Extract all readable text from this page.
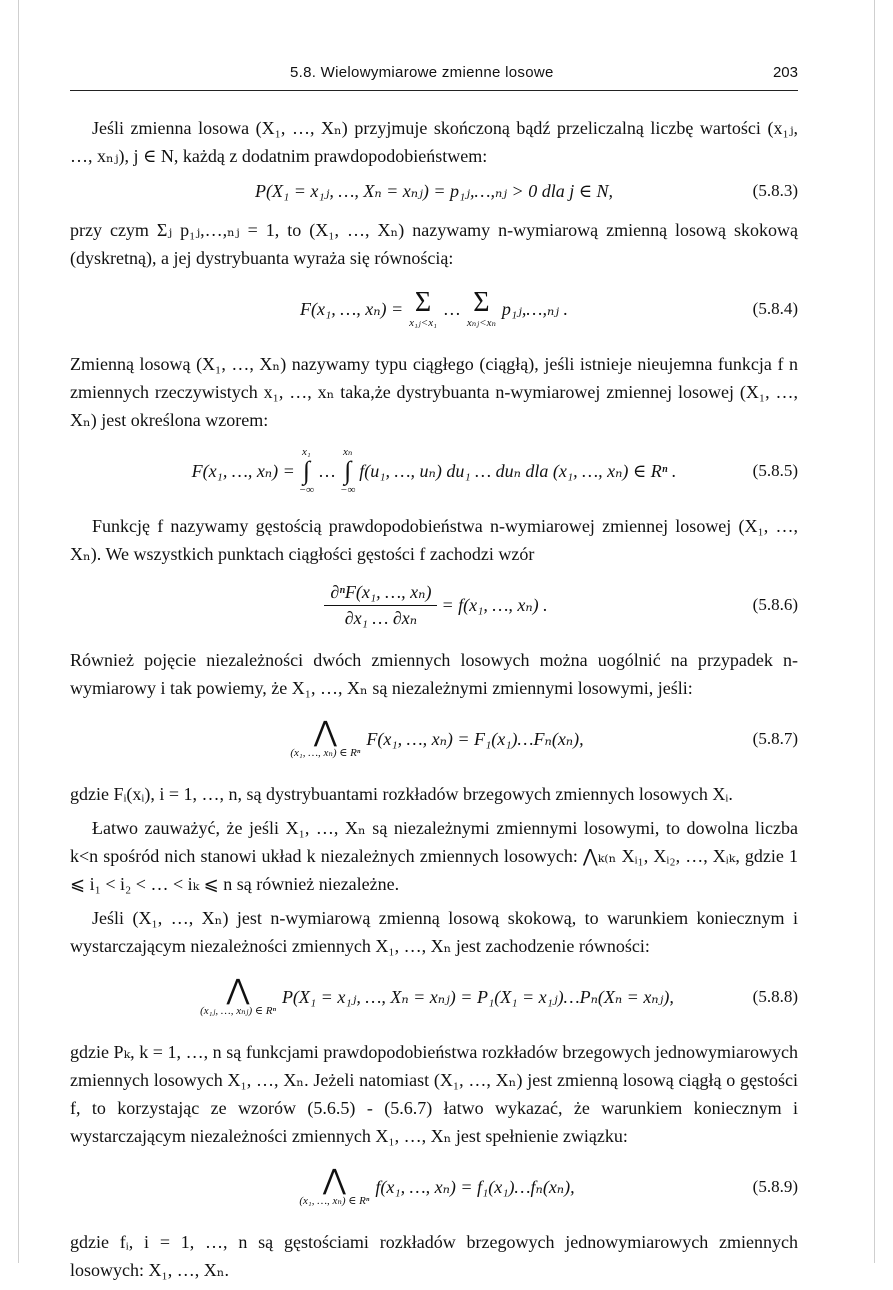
5.8. Wielowymiarowe zmienne losowe	203

Jeśli zmienna losowa (X₁, …, Xₙ) przyjmuje skończoną bądź przeliczalną liczbę wartości (x₁ⱼ, …, xₙⱼ), j ∈ N, każdą z dodatnim prawdopodobieństwem:

P(X₁ = x₁ⱼ, …, Xₙ = xₙⱼ) = p₁ⱼ,…,ₙⱼ > 0 dla j ∈ N,	(5.8.3)

przy czym Σⱼ p₁ⱼ,…,ₙⱼ = 1, to (X₁, …, Xₙ) nazywamy n-wymiarową zmienną losową skokową (dyskretną), a jej dystrybuanta wyraża się równością:

F(x₁, …, xₙ) = Σ
x₁ⱼ<x₁
… Σ
xₙⱼ<xₙ
p₁ⱼ,…,ₙⱼ .	(5.8.4)

Zmienną losową (X₁, …, Xₙ) nazywamy typu ciągłego (ciągłą), jeśli istnieje nieujemna funkcja f n zmiennych rzeczywistych x₁, …, xₙ taka,że dystrybuanta n-wymiarowej zmiennej losowej (X₁, …, Xₙ) jest określona wzorem:

F(x₁, …, xₙ) =
x₁
∫
−∞
…
xₙ
∫
−∞
f(u₁, …, uₙ) du₁ … duₙ dla (x₁, …, xₙ) ∈ Rⁿ .	(5.8.5)

Funkcję f nazywamy gęstością prawdopodobieństwa n-wymiarowej zmiennej losowej (X₁, …, Xₙ). We wszystkich punktach ciągłości gęstości f zachodzi wzór

$\frac{\text{∂ⁿF(x₁, …, xₙ)}}{\text{∂x₁ … ∂xₙ}} = f(x_1$, …, xₙ) .	(5.8.6)

Również pojęcie niezależności dwóch zmiennych losowych można uogólnić na przypadek n-wymiarowy i tak powiemy, że X₁, …, Xₙ są niezależnymi zmiennymi losowymi, jeśli:

⋀
(x₁, …, xₙ) ∈ Rⁿ
F(x₁, …, xₙ) = F₁(x₁)…Fₙ(xₙ),	(5.8.7)

gdzie Fᵢ(xᵢ), i = 1, …, n, są dystrybuantami rozkładów brzegowych zmiennych losowych Xᵢ.

Łatwo zauważyć, że jeśli X₁, …, Xₙ są niezależnymi zmiennymi losowymi, to dowolna liczba k<n spośród nich stanowi układ k niezależnych zmiennych losowych: ⋀ₖ₍ₙ Xᵢ₁, Xᵢ₂, …, Xᵢₖ, gdzie 1 ⩽ i₁ < i₂ < … < iₖ ⩽ n są również niezależne.

Jeśli (X₁, …, Xₙ) jest n-wymiarową zmienną losową skokową, to warunkiem koniecznym i wystarczającym niezależności zmiennych X₁, …, Xₙ jest zachodzenie równości:

⋀
(x₁ⱼ, …, xₙⱼ) ∈ Rⁿ
P(X₁ = x₁ⱼ, …, Xₙ = xₙⱼ) = P₁(X₁ = x₁ⱼ)…Pₙ(Xₙ = xₙⱼ),	(5.8.8)

gdzie Pₖ, k = 1, …, n są funkcjami prawdopodobieństwa rozkładów brzegowych jednowymiarowych zmiennych losowych X₁, …, Xₙ. Jeżeli natomiast (X₁, …, Xₙ) jest zmienną losową ciągłą o gęstości f, to korzystając ze wzorów (5.6.5) - (5.6.7) łatwo wykazać, że warunkiem koniecznym i wystarczającym niezależności zmiennych X₁, …, Xₙ jest spełnienie związku:

⋀
(x₁, …, xₙ) ∈ Rⁿ
f(x₁, …, xₙ) = f₁(x₁)…fₙ(xₙ),	(5.8.9)

gdzie fᵢ, i = 1, …, n są gęstościami rozkładów brzegowych jednowymiarowych zmiennych losowych: X₁, …, Xₙ.
